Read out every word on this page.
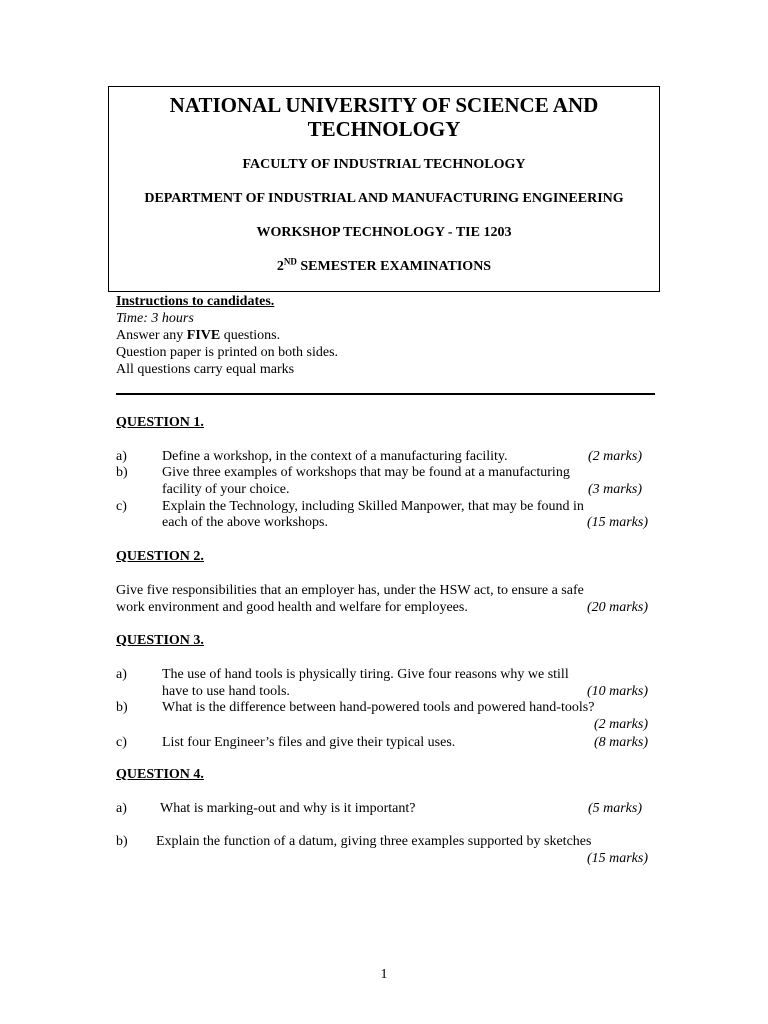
NATIONAL UNIVERSITY OF SCIENCE AND
TECHNOLOGY
FACULTY OF INDUSTRIAL TECHNOLOGY
DEPARTMENT OF INDUSTRIAL AND MANUFACTURING ENGINEERING
WORKSHOP TECHNOLOGY - TIE 1203
2ND SEMESTER EXAMINATIONS
Instructions to candidates.
Time: 3 hours
Answer any FIVE questions.
Question paper is printed on both sides.
All questions carry equal marks
QUESTION 1.
a)	Define a workshop, in the context of a manufacturing facility.	(2 marks)
b) Give three examples of workshops that may be found at a manufacturing
facility of your choice.	(3 marks)
c)	Explain the Technology, including Skilled Manpower, that may be found in
each of the above workshops.	(15 marks)
QUESTION 2.
Give five responsibilities that an employer has, under the HSW act, to ensure a safe
work environment and good health and welfare for employees.	(20 marks)
QUESTION 3.
a)	The use of hand tools is physically tiring. Give four reasons why we still
have to use hand tools.	(10 marks)
b) What is the difference between hand-powered tools and powered hand-tools?
(2 marks)
c)	List four Engineer’s files and give their typical uses.	(8 marks)
QUESTION 4.
a) What is marking-out and why is it important?	(5 marks)
b) Explain the function of a datum, giving three examples supported by sketches
(15 marks)
1
